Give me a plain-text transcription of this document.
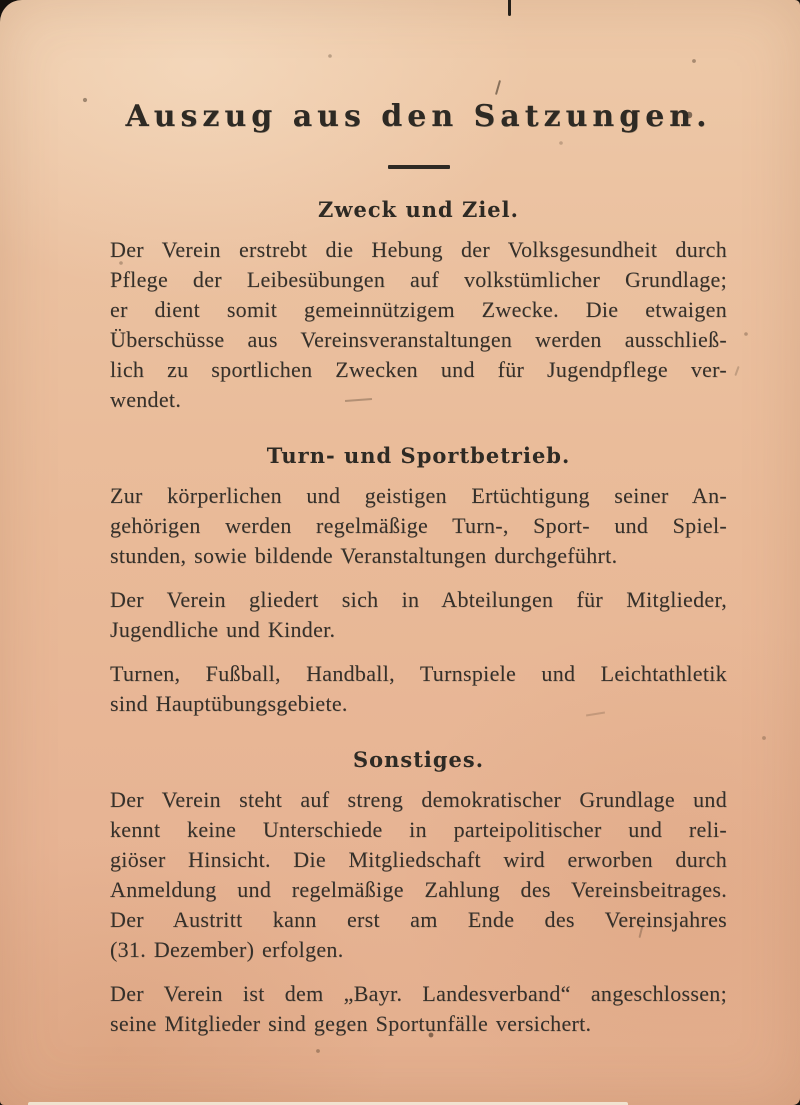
Auszug aus den Satzungen.
Zweck und Ziel.
Der Verein erstrebt die Hebung der Volksgesundheit durch
Pflege der Leibesübungen auf volkstümlicher Grundlage;
er dient somit gemeinnützigem Zwecke. Die etwaigen
Überschüsse aus Vereinsveranstaltungen werden ausschließ-
lich zu sportlichen Zwecken und für Jugendpflege ver-
wendet.
Turn- und Sportbetrieb.
Zur körperlichen und geistigen Ertüchtigung seiner An-
gehörigen werden regelmäßige Turn-, Sport- und Spiel-
stunden, sowie bildende Veranstaltungen durchgeführt.
Der Verein gliedert sich in Abteilungen für Mitglieder,
Jugendliche und Kinder.
Turnen, Fußball, Handball, Turnspiele und Leichtathletik
sind Hauptübungsgebiete.
Sonstiges.
Der Verein steht auf streng demokratischer Grundlage und
kennt keine Unterschiede in parteipolitischer und reli-
giöser Hinsicht. Die Mitgliedschaft wird erworben durch
Anmeldung und regelmäßige Zahlung des Vereinsbeitrages.
Der Austritt kann erst am Ende des Vereinsjahres
(31. Dezember) erfolgen.
Der Verein ist dem „Bayr. Landesverband“ angeschlossen;
seine Mitglieder sind gegen Sportunfälle versichert.
